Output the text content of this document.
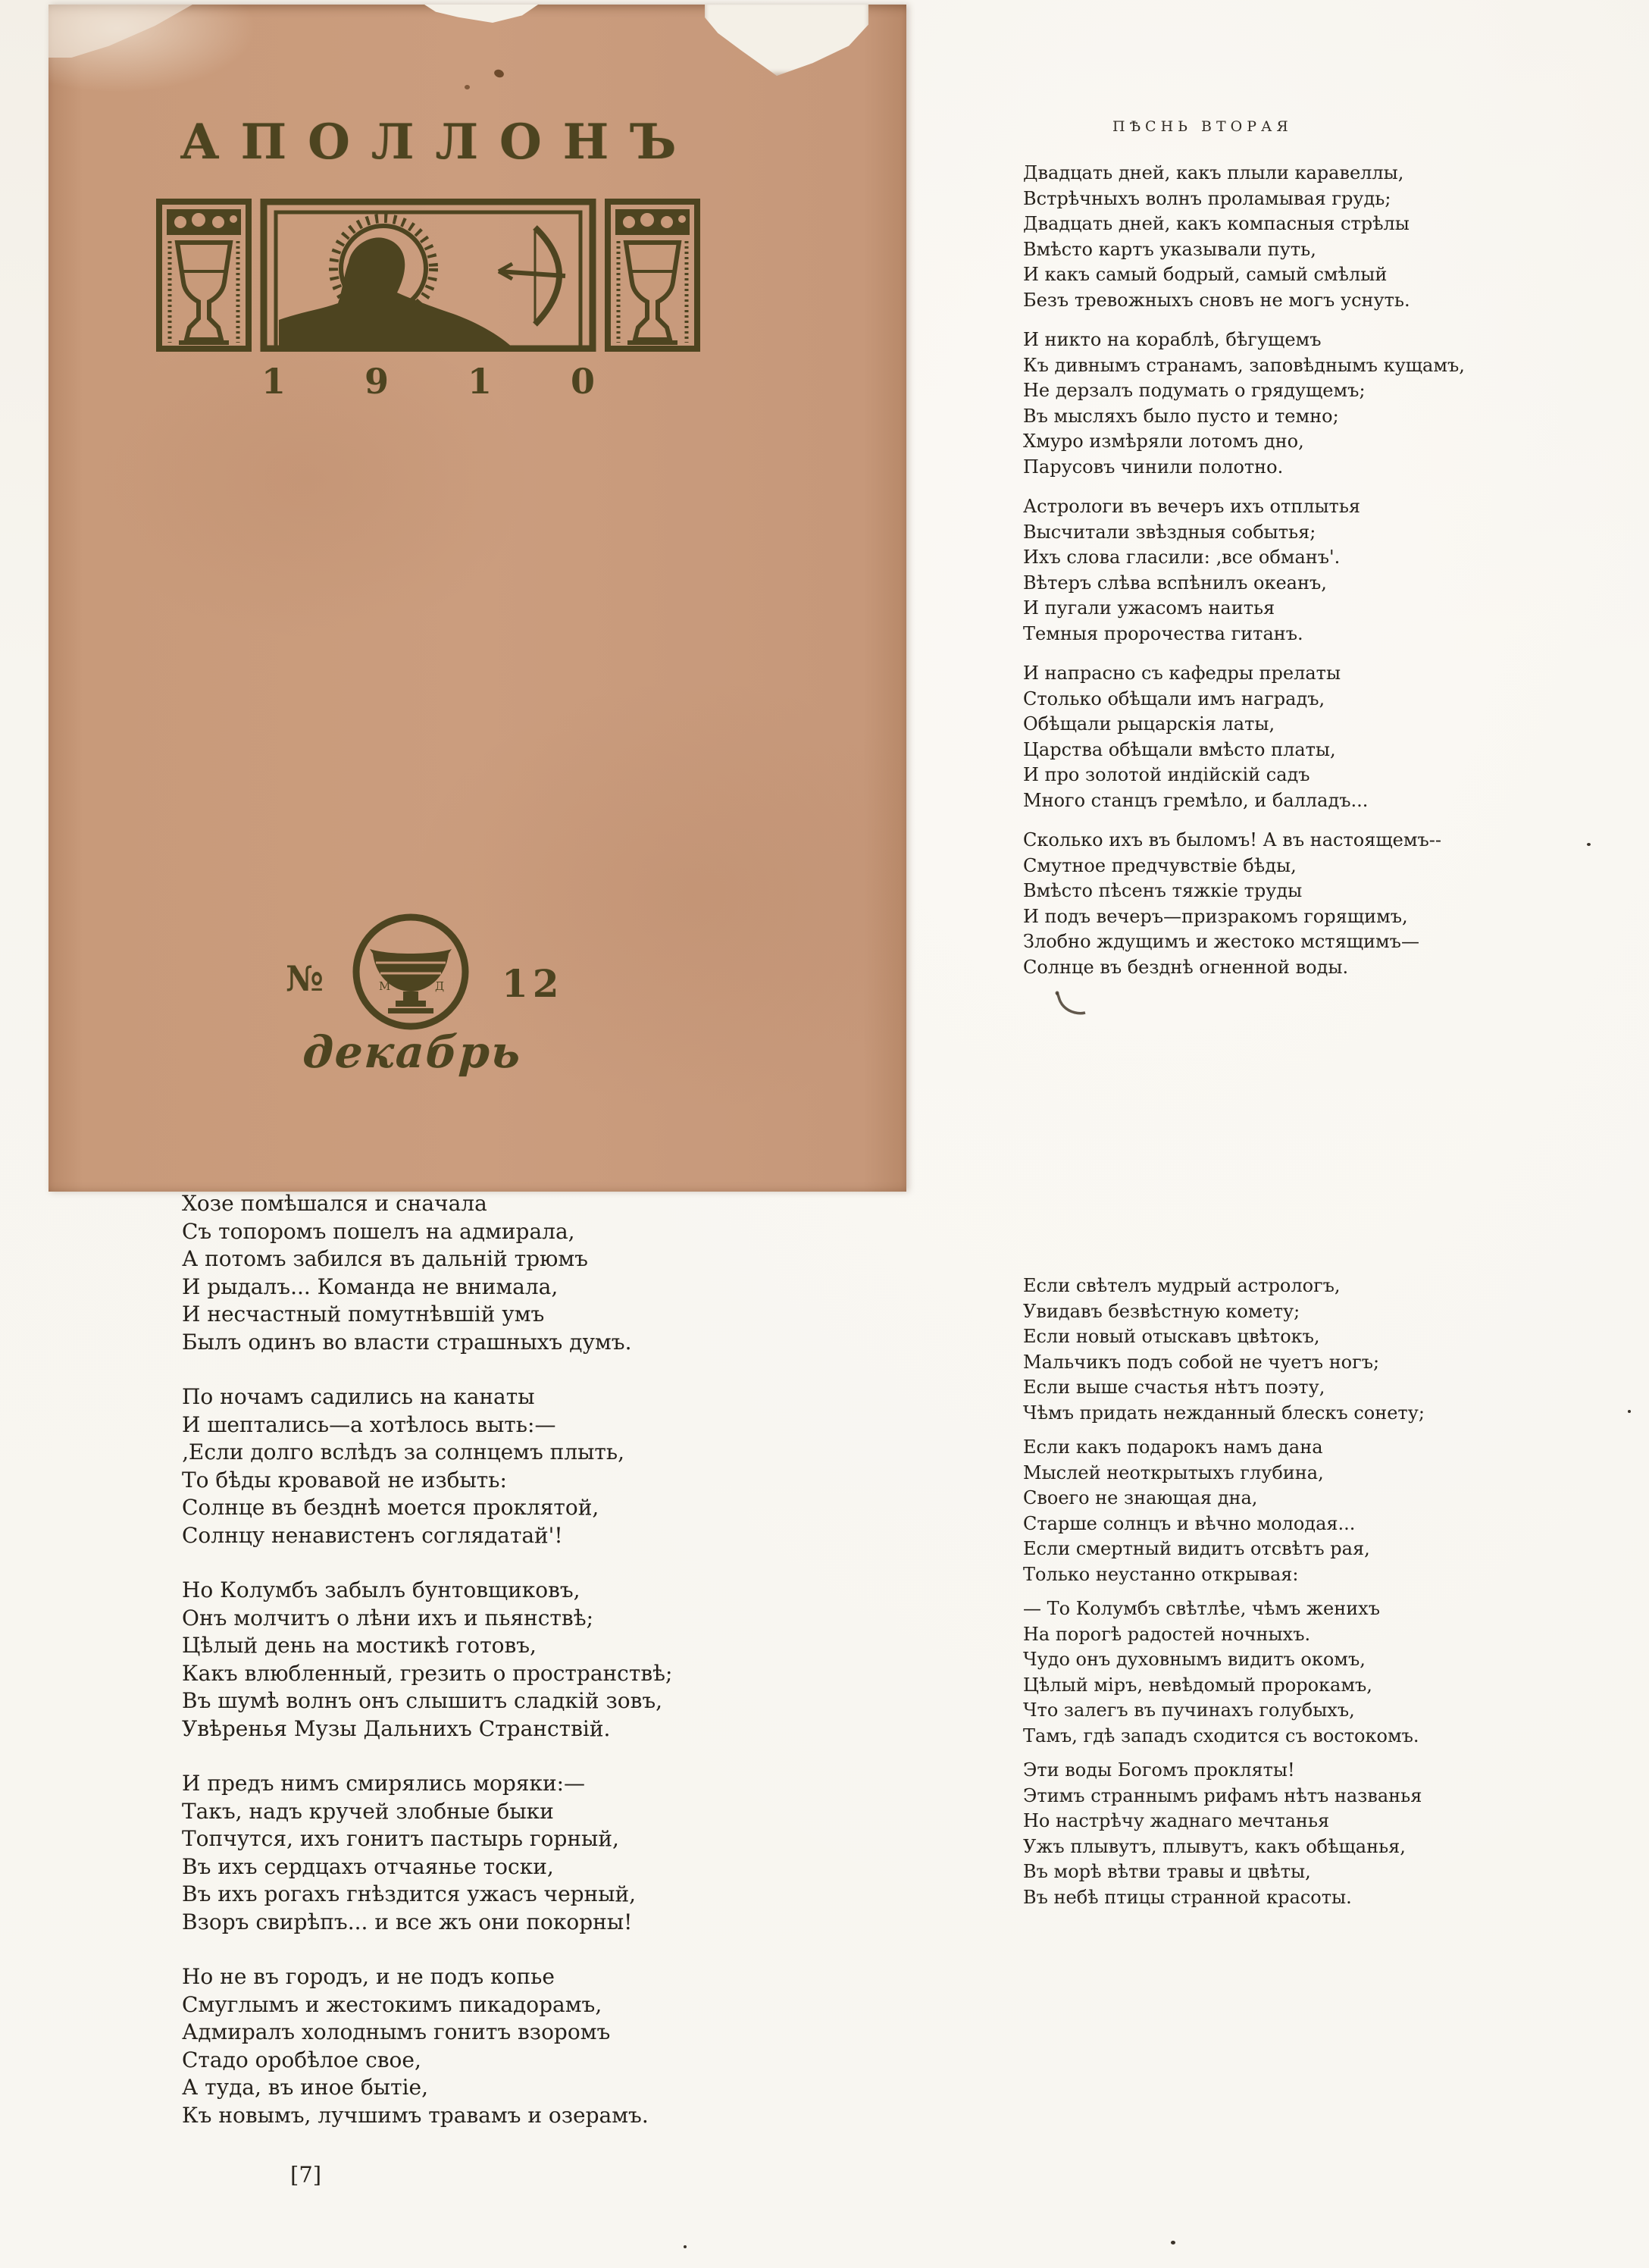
АПОЛЛОНЪ
1 9 1 0
№	М	Д 12
декабрь
ПѢСНЬ ВТОРАЯ
Двадцать дней, какъ плыли каравеллы,
Встрѣчныхъ волнъ проламывая грудь;
Двадцать дней, какъ компасныя стрѣлы
Вмѣсто картъ указывали путь,
И какъ самый бодрый, самый смѣлый
Безъ тревожныхъ сновъ не могъ уснуть.
И никто на кораблѣ, бѣгущемъ
Къ дивнымъ странамъ, заповѣднымъ кущамъ,
Не дерзалъ подумать о грядущемъ;
Въ мысляхъ было пусто и темно;
Хмуро измѣряли лотомъ дно,
Парусовъ чинили полотно.
Астрологи въ вечеръ ихъ отплытья
Высчитали звѣздныя событья;
Ихъ слова гласили: ‚все обманъ'.
Вѣтеръ слѣва вспѣнилъ океанъ,
И пугали ужасомъ наитья
Темныя пророчества гитанъ.
И напрасно съ кафедры прелаты
Столько обѣщали имъ наградъ,
Обѣщали рыцарскія латы,
Царства обѣщали вмѣсто платы,
И про золотой индійскій садъ
Много станцъ гремѣло, и балладъ...
Сколько ихъ въ быломъ! А въ настоящемъ--
Смутное предчувствіе бѣды,
Вмѣсто пѣсенъ тяжкіе труды
И подъ вечеръ—призракомъ горящимъ,
Злобно ждущимъ и жестоко мстящимъ—
Солнце въ безднѣ огненной воды.
Хозе помѣшался и сначала
Съ топоромъ пошелъ на адмирала,
А потомъ забился въ дальній трюмъ
И рыдалъ... Команда не внимала,
И несчастный помутнѣвшій умъ
Былъ одинъ во власти страшныхъ думъ.
По ночамъ садились на канаты
И шептались—а хотѣлось выть:—
‚Если долго вслѣдъ за солнцемъ плыть,
То бѣды кровавой не избыть:
Солнце въ безднѣ моется проклятой,
Солнцу ненавистенъ соглядатай'!
Но Колумбъ забылъ бунтовщиковъ,
Онъ молчитъ о лѣни ихъ и пьянствѣ;
Цѣлый день на мостикѣ готовъ,
Какъ влюбленный, грезить о пространствѣ;
Въ шумѣ волнъ онъ слышитъ сладкій зовъ,
Увѣренья Музы Дальнихъ Странствій.
И предъ нимъ смирялись моряки:—
Такъ, надъ кручей злобные быки
Топчутся, ихъ гонитъ пастырь горный,
Въ ихъ сердцахъ отчаянье тоски,
Въ ихъ рогахъ гнѣздится ужасъ черный,
Взоръ свирѣпъ... и все жъ они покорны!
Но не въ городъ, и не подъ копье
Смуглымъ и жестокимъ пикадорамъ,
Адмиралъ холоднымъ гонитъ взоромъ
Стадо оробѣлое свое,
А туда, въ иное бытіе,
Къ новымъ, лучшимъ травамъ и озерамъ.
Если свѣтелъ мудрый астрологъ,
Увидавъ безвѣстную комету;
Если новый отыскавъ цвѣтокъ,
Мальчикъ подъ собой не чуетъ ногъ;
Если выше счастья нѣтъ поэту,
Чѣмъ придать нежданный блескъ сонету;
Если какъ подарокъ намъ дана
Мыслей неоткрытыхъ глубина,
Своего не знающая дна,
Старше солнцъ и вѣчно молодая...
Если смертный видитъ отсвѣтъ рая,
Только неустанно открывая:
— То Колумбъ свѣтлѣе, чѣмъ женихъ
На порогѣ радостей ночныхъ.
Чудо онъ духовнымъ видитъ окомъ,
Цѣлый міръ, невѣдомый пророкамъ,
Что залегъ въ пучинахъ голубыхъ,
Тамъ, гдѣ западъ сходится съ востокомъ.
Эти воды Богомъ прокляты!
Этимъ страннымъ рифамъ нѣтъ названья
Но настрѣчу жаднаго мечтанья
Ужъ плывутъ, плывутъ, какъ обѣщанья,
Въ морѣ вѣтви травы и цвѣты,
Въ небѣ птицы странной красоты.
[7]
